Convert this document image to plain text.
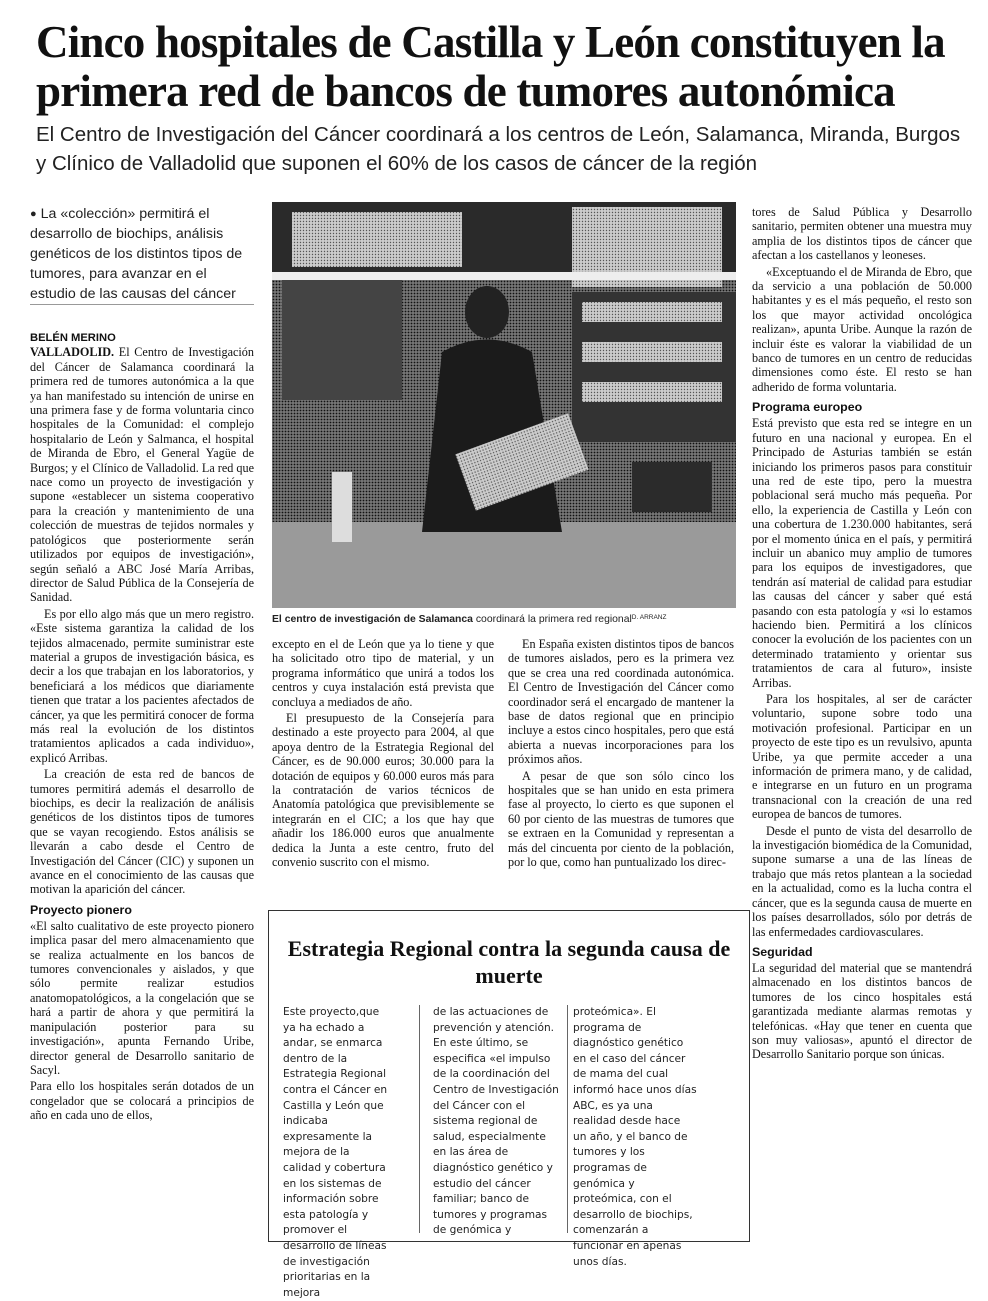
Cinco hospitales de Castilla y León constituyen la primera red de bancos de tumores autonómica

El Centro de Investigación del Cáncer coordinará a los centros de León, Salamanca, Miranda, Burgos y Clínico de Valladolid que suponen el 60% de los casos de cáncer de la región

● La «colección» permitirá el desarrollo de biochips, análisis genéticos de los distintos tipos de tumores, para avanzar en el estudio de las causas del cáncer

BELÉN MERINO

VALLADOLID. El Centro de Investigación del Cáncer de Salamanca coordinará la primera red de tumores autonómica a la que ya han manifestado su intención de unirse en una primera fase y de forma voluntaria cinco hospitales de la Comunidad: el complejo hospitalario de León y Salmanca, el hospital de Miranda de Ebro, el General Yagüe de Burgos; y el Clínico de Valladolid. La red que nace como un proyecto de investigación y supone «establecer un sistema cooperativo para la creación y mantenimiento de una colección de muestras de tejidos normales y patológicos que posteriormente serán utilizados por equipos de investigación», según señaló a ABC José María Arribas, director de Salud Pública de la Consejería de Sanidad.

Es por ello algo más que un mero registro. «Este sistema garantiza la calidad de los tejidos almacenado, permite suministrar este material a grupos de investigación básica, es decir a los que trabajan en los laboratorios, y beneficiará a los médicos que diariamente tienen que tratar a los pacientes afectados de cáncer, ya que les permitirá conocer de forma más real la evolución de los distintos tratamientos aplicados a cada individuo», explicó Arribas.

La creación de esta red de bancos de tumores permitirá además el desarrollo de biochips, es decir la realización de análisis genéticos de los distintos tipos de tumores que se vayan recogiendo. Estos análisis se llevarán a cabo desde el Centro de Investigación del Cáncer (CIC) y suponen un avance en el conocimiento de las causas que motivan la aparición del cáncer.

Proyecto pionero

«El salto cualitativo de este proyecto pionero implica pasar del mero almacenamiento que se realiza actualmente en los bancos de tumores convencionales y aislados, y que sólo permite realizar estudios anatomopatológicos, a la congelación que se hará a partir de ahora y que permitirá la manipulación posterior para su investigación», apunta Fernando Uribe, director general de Desarrollo sanitario de Sacyl.

Para ello los hospitales serán dotados de un congelador que se colocará a principios de año en cada uno de ellos,

El centro de investigación de Salamanca coordinará la primera red regional$^{D. ARRANZ}$

excepto en el de León que ya lo tiene y que ha solicitado otro tipo de material, y un programa informático que unirá a todos los centros y cuya instalación está prevista que concluya a mediados de año.

El presupuesto de la Consejería para destinado a este proyecto para 2004, al que apoya dentro de la Estrategia Regional del Cáncer, es de 90.000 euros; 30.000 para la dotación de equipos y 60.000 euros más para la contratación de varios técnicos de Anatomía patológica que previsiblemente se integrarán en el CIC; a los que hay que añadir los 186.000 euros que anualmente dedica la Junta a este centro, fruto del convenio suscrito con el mismo.

En España existen distintos tipos de bancos de tumores aislados, pero es la primera vez que se crea una red coordinada autonómica. El Centro de Investigación del Cáncer como coordinador será el encargado de mantener la base de datos regional que en principio incluye a estos cinco hospitales, pero que está abierta a nuevas incorporaciones para los próximos años.

A pesar de que son sólo cinco los hospitales que se han unido en esta primera fase al proyecto, lo cierto es que suponen el 60 por ciento de las muestras de tumores que se extraen en la Comunidad y representan a más del cincuenta por ciento de la población, por lo que, como han puntualizado los direc-

tores de Salud Pública y Desarrollo sanitario, permiten obtener una muestra muy amplia de los distintos tipos de cáncer que afectan a los castellanos y leoneses.

«Exceptuando el de Miranda de Ebro, que da servicio a una población de 50.000 habitantes y es el más pequeño, el resto son los que mayor actividad oncológica realizan», apunta Uribe. Aunque la razón de incluir éste es valorar la viabilidad de un banco de tumores en un centro de reducidas dimensiones como éste. El resto se han adherido de forma voluntaria.

Programa europeo

Está previsto que esta red se integre en un futuro en una nacional y europea. En el Principado de Asturias también se están iniciando los primeros pasos para constituir una red de este tipo, pero la muestra poblacional será mucho más pequeña. Por ello, la experiencia de Castilla y León con una cobertura de 1.230.000 habitantes, será por el momento única en el país, y permitirá incluir un abanico muy amplio de tumores para los equipos de investigadores, que tendrán así material de calidad para estudiar las causas del cáncer y saber qué está pasando con esta patología y «si lo estamos haciendo bien. Permitirá a los clínicos conocer la evolución de los pacientes con un determinado tratamiento y orientar sus tratamientos de cara al futuro», insiste Arribas.

Para los hospitales, al ser de carácter voluntario, supone sobre todo una motivación profesional. Participar en un proyecto de este tipo es un revulsivo, apunta Uribe, ya que permite acceder a una información de primera mano, y de calidad, e integrarse en un futuro en un programa transnacional con la creación de una red europea de bancos de tumores.

Desde el punto de vista del desarrollo de la investigación biomédica de la Comunidad, supone sumarse a una de las líneas de trabajo que más retos plantean a la sociedad en la actualidad, como es la lucha contra el cáncer, que es la segunda causa de muerte en los países desarrollados, sólo por detrás de las enfermedades cardiovasculares.

Seguridad

La seguridad del material que se mantendrá almacenado en los distintos bancos de tumores de los cinco hospitales está garantizada mediante alarmas remotas y telefónicas. «Hay que tener en cuenta que son muy valiosas», apuntó el director de Desarrollo Sanitario porque son únicas.

Estrategia Regional contra la segunda causa de muerte
Este proyecto,que ya ha echado a andar, se enmarca dentro de la Estrategia Regional contra el Cáncer en Castilla y León que indicaba expresamente la mejora de la calidad y cobertura en los sistemas de información sobre esta patología y promover el desarrollo de líneas de investigación prioritarias en la mejora
de las actuaciones de prevención y atención. En este último, se especifica «el impulso de la coordinación del Centro de Investigación del Cáncer con el sistema regional de salud, especialmente en las área de diagnóstico genético y estudio del cáncer familiar; banco de tumores y programas de genómica y
proteómica». El programa de diagnóstico genético en el caso del cáncer de mama del cual informó hace unos días ABC, es ya una realidad desde hace un año, y el banco de tumores y los programas de genómica y proteómica, con el desarrollo de biochips, comenzarán a funcionar en apenas unos días.
